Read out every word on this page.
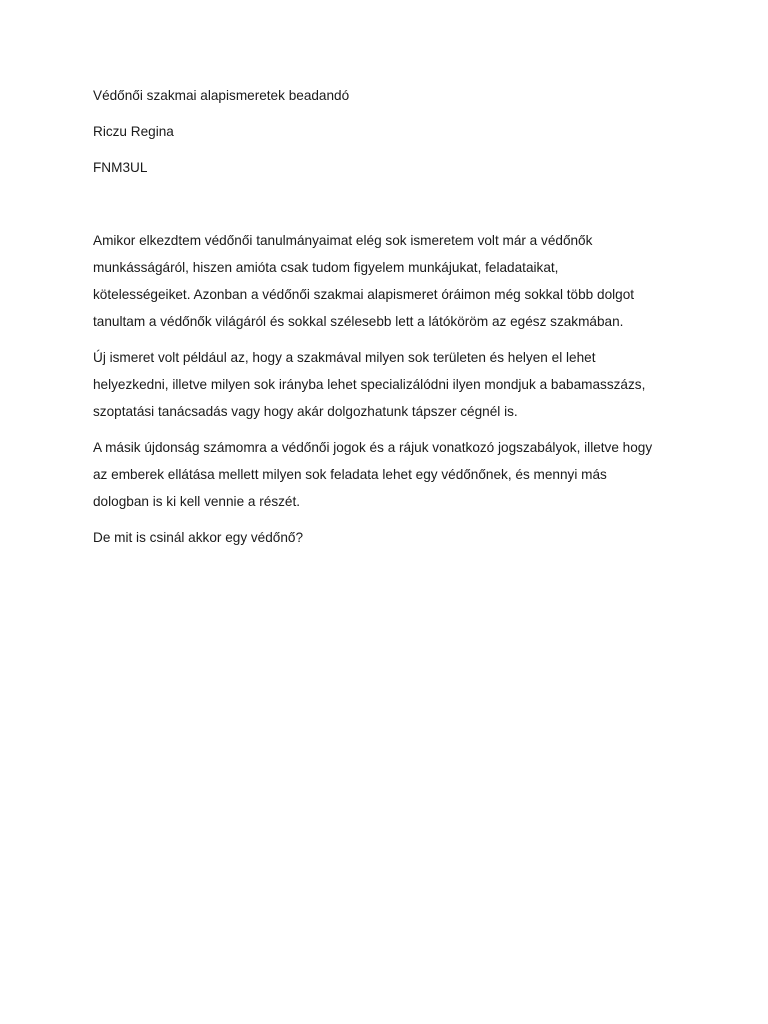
Védőnői szakmai alapismeretek beadandó
Riczu Regina
FNM3UL

Amikor elkezdtem védőnői tanulmányaimat elég sok ismeretem volt már a védőnők
munkásságáról, hiszen amióta csak tudom figyelem munkájukat, feladataikat,
kötelességeiket. Azonban a védőnői szakmai alapismeret óráimon még sokkal több dolgot
tanultam a védőnők világáról és sokkal szélesebb lett a látóköröm az egész szakmában.

Új ismeret volt például az, hogy a szakmával milyen sok területen és helyen el lehet
helyezkedni, illetve milyen sok irányba lehet specializálódni ilyen mondjuk a babamasszázs,
szoptatási tanácsadás vagy hogy akár dolgozhatunk tápszer cégnél is.

A másik újdonság számomra a védőnői jogok és a rájuk vonatkozó jogszabályok, illetve hogy
az emberek ellátása mellett milyen sok feladata lehet egy védőnőnek, és mennyi más
dologban is ki kell vennie a részét.

De mit is csinál akkor egy védőnő?
